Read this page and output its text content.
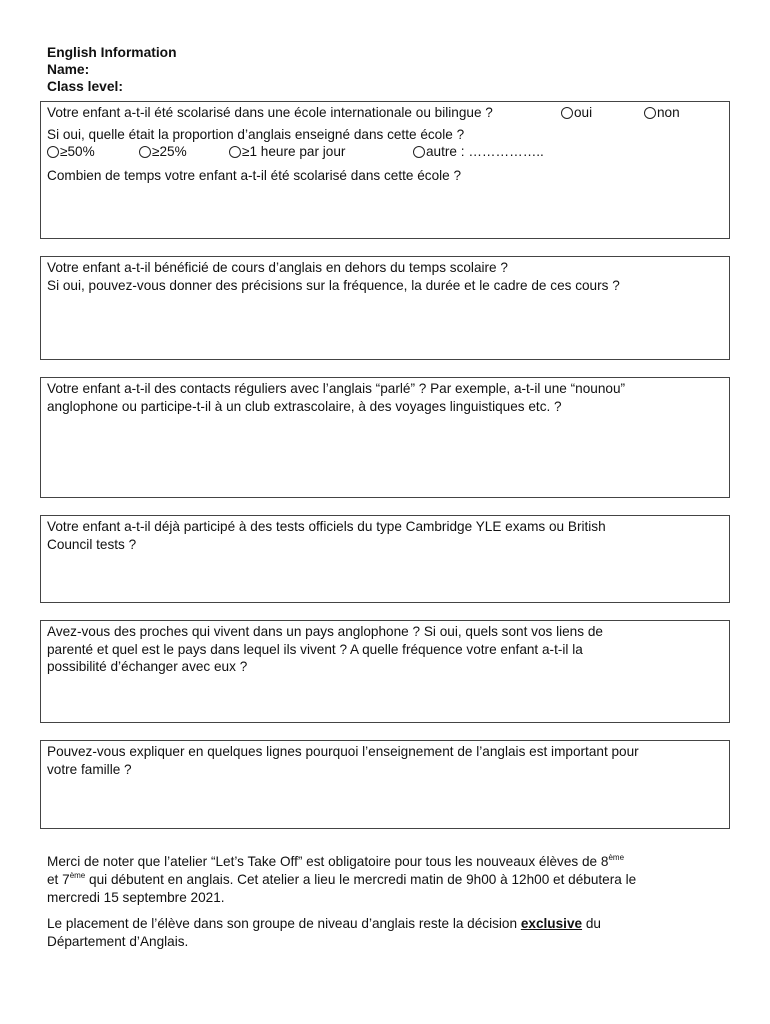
English Information
Name:
Class level:
Votre enfant a-t-il été scolarisé dans une école internationale ou bilingue ?	oui	non

Si oui, quelle était la proportion d’anglais enseigné dans cette école ?
≥50%	≥25%	≥1 heure par jour	autre : ……………..
Combien de temps votre enfant a-t-il été scolarisé dans cette école ?
Votre enfant a-t-il bénéficié de cours d’anglais en dehors du temps scolaire ?
Si oui, pouvez-vous donner des précisions sur la fréquence, la durée et le cadre de ces cours ?
Votre enfant a-t-il des contacts réguliers avec l’anglais “parlé” ? Par exemple, a-t-il une “nounou”
anglophone ou participe-t-il à un club extrascolaire, à des voyages linguistiques etc. ?
Votre enfant a-t-il déjà participé à des tests officiels du type Cambridge YLE exams ou British
Council tests ?
Avez-vous des proches qui vivent dans un pays anglophone ? Si oui, quels sont vos liens de
parenté et quel est le pays dans lequel ils vivent ? A quelle fréquence votre enfant a-t-il la
possibilité d’échanger avec eux ?
Pouvez-vous expliquer en quelques lignes pourquoi l’enseignement de l’anglais est important pour
votre famille ?

Merci de noter que l’atelier “Let’s Take Off” est obligatoire pour tous les nouveaux élèves de 8ème
et 7ème qui débutent en anglais. Cet atelier a lieu le mercredi matin de 9h00 à 12h00 et débutera le
mercredi 15 septembre 2021.

Le placement de l’élève dans son groupe de niveau d’anglais reste la décision exclusive du
Département d’Anglais.
